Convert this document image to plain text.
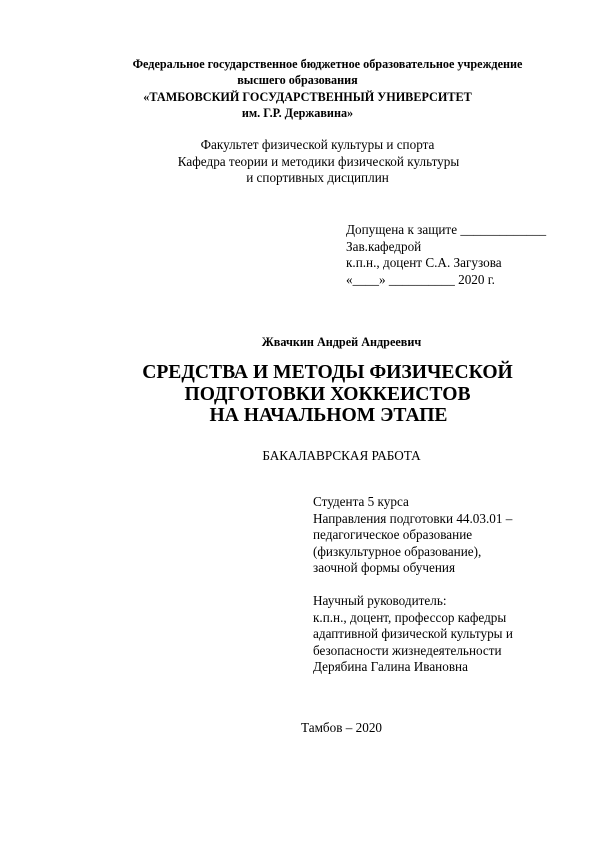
Федеральное государственное бюджетное образовательное учреждение
высшего образования
«ТАМБОВСКИЙ ГОСУДАРСТВЕННЫЙ УНИВЕРСИТЕТ
им. Г.Р. Державина»
Факультет физической культуры и спорта
Кафедра теории и методики физической культуры
и спортивных дисциплин
Допущена к защите _____________
Зав.кафедрой
к.п.н., доцент С.А. Загузова
«____» __________ 2020 г.
Жвачкин Андрей Андреевич
СРЕДСТВА И МЕТОДЫ ФИЗИЧЕСКОЙ
ПОДГОТОВКИ ХОККЕИСТОВ
НА НАЧАЛЬНОМ ЭТАПЕ
БАКАЛАВРСКАЯ РАБОТА
Студента 5 курса
Направления подготовки 44.03.01 –
педагогическое образование
(физкультурное образование),
заочной формы обучения
Научный руководитель:
к.п.н., доцент, профессор кафедры
адаптивной физической культуры и
безопасности жизнедеятельности
Дерябина Галина Ивановна
Тамбов – 2020
